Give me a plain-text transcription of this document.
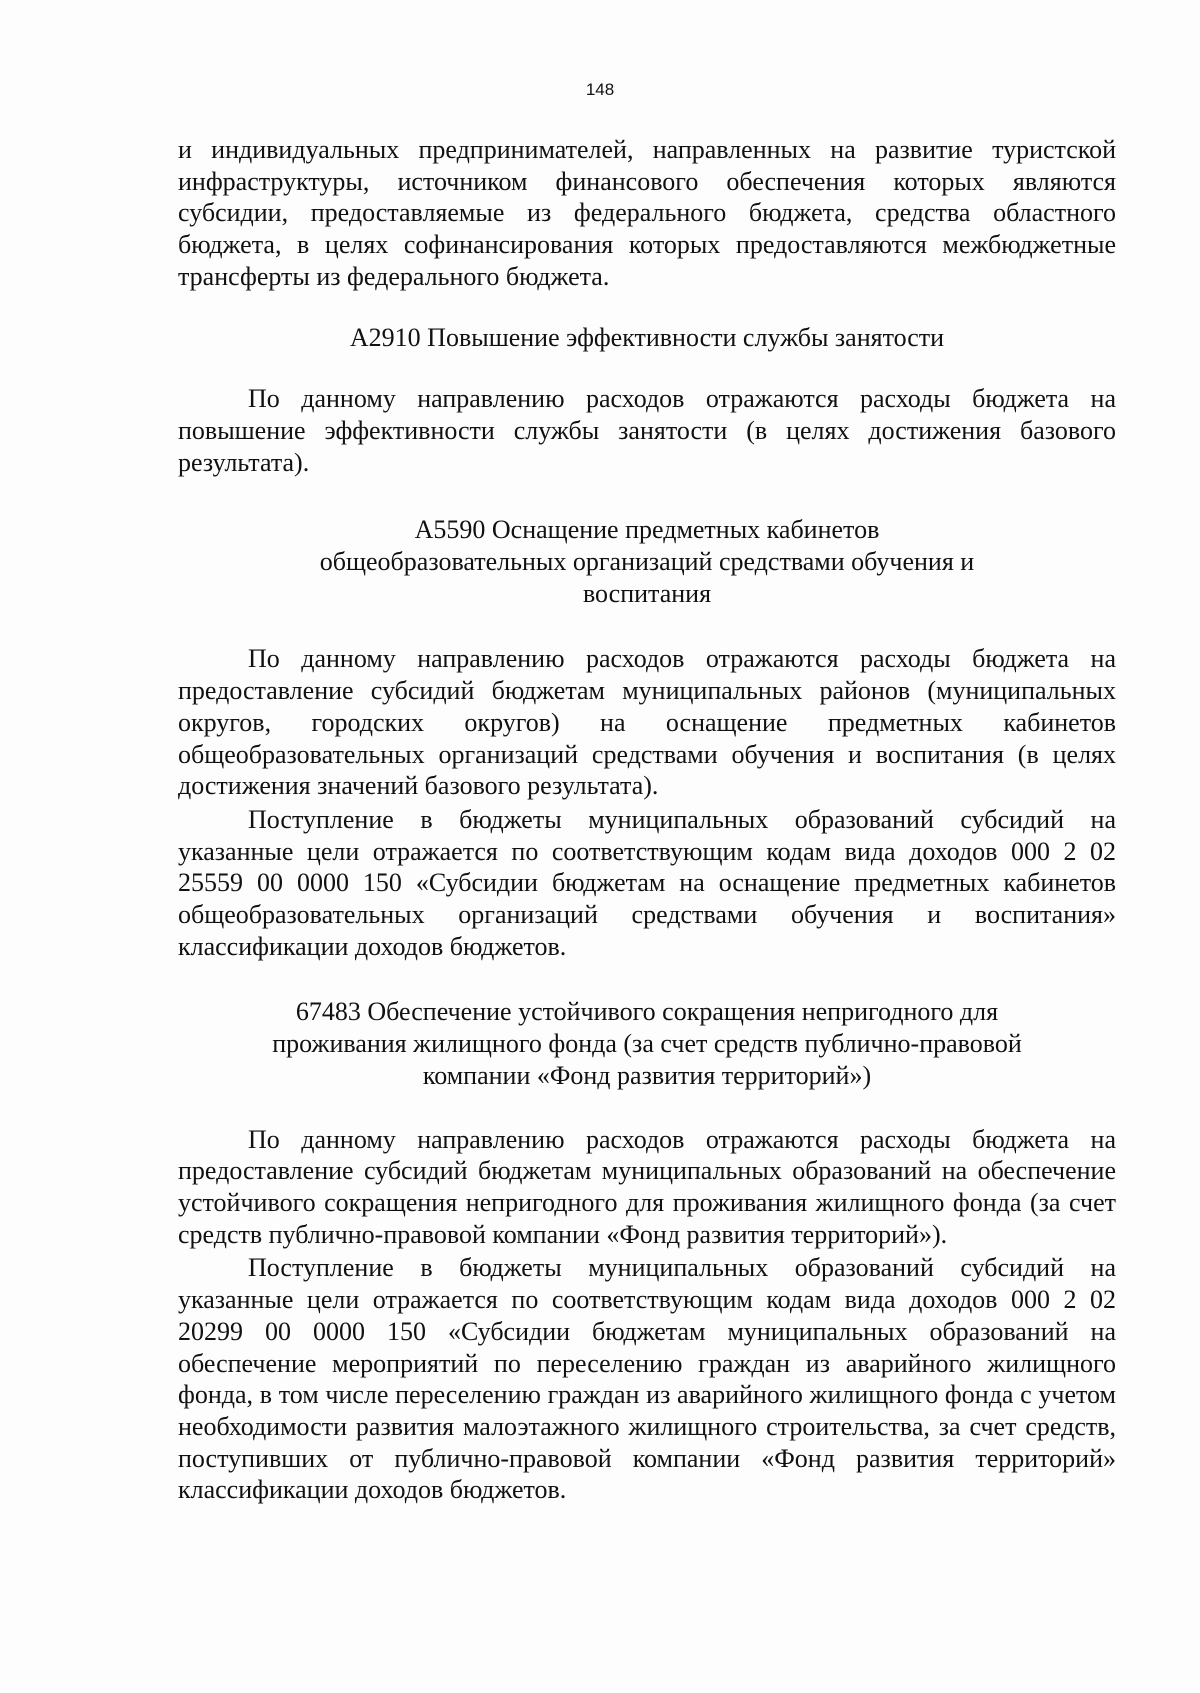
148

и индивидуальных предпринимателей, направленных на развитие туристской инфраструктуры, источником финансового обеспечения которых являются субсидии, предоставляемые из федерального бюджета, средства областного бюджета, в целях софинансирования которых предоставляются межбюджетные трансферты из федерального бюджета.

А2910 Повышение эффективности службы занятости

По данному направлению расходов отражаются расходы бюджета на повышение эффективности службы занятости (в целях достижения базового результата).

А5590 Оснащение предметных кабинетов общеобразовательных организаций средствами обучения и воспитания

По данному направлению расходов отражаются расходы бюджета на предоставление субсидий бюджетам муниципальных районов (муниципальных округов, городских округов) на оснащение предметных кабинетов общеобразовательных организаций средствами обучения и воспитания (в целях достижения значений базового результата).

Поступление в бюджеты муниципальных образований субсидий на указанные цели отражается по соответствующим кодам вида доходов 000 2 02 25559 00 0000 150 «Субсидии бюджетам на оснащение предметных кабинетов общеобразовательных организаций средствами обучения и воспитания» классификации доходов бюджетов.

67483 Обеспечение устойчивого сокращения непригодного для проживания жилищного фонда (за счет средств публично-правовой компании «Фонд развития территорий»)

По данному направлению расходов отражаются расходы бюджета на предоставление субсидий бюджетам муниципальных образований на обеспечение устойчивого сокращения непригодного для проживания жилищного фонда (за счет средств публично-правовой компании «Фонд развития территорий»).

Поступление в бюджеты муниципальных образований субсидий на указанные цели отражается по соответствующим кодам вида доходов 000 2 02 20299 00 0000 150 «Субсидии бюджетам муниципальных образований на обеспечение мероприятий по переселению граждан из аварийного жилищного фонда, в том числе переселению граждан из аварийного жилищного фонда с учетом необходимости развития малоэтажного жилищного строительства, за счет средств, поступивших от публично-правовой компании «Фонд развития территорий» классификации доходов бюджетов.
